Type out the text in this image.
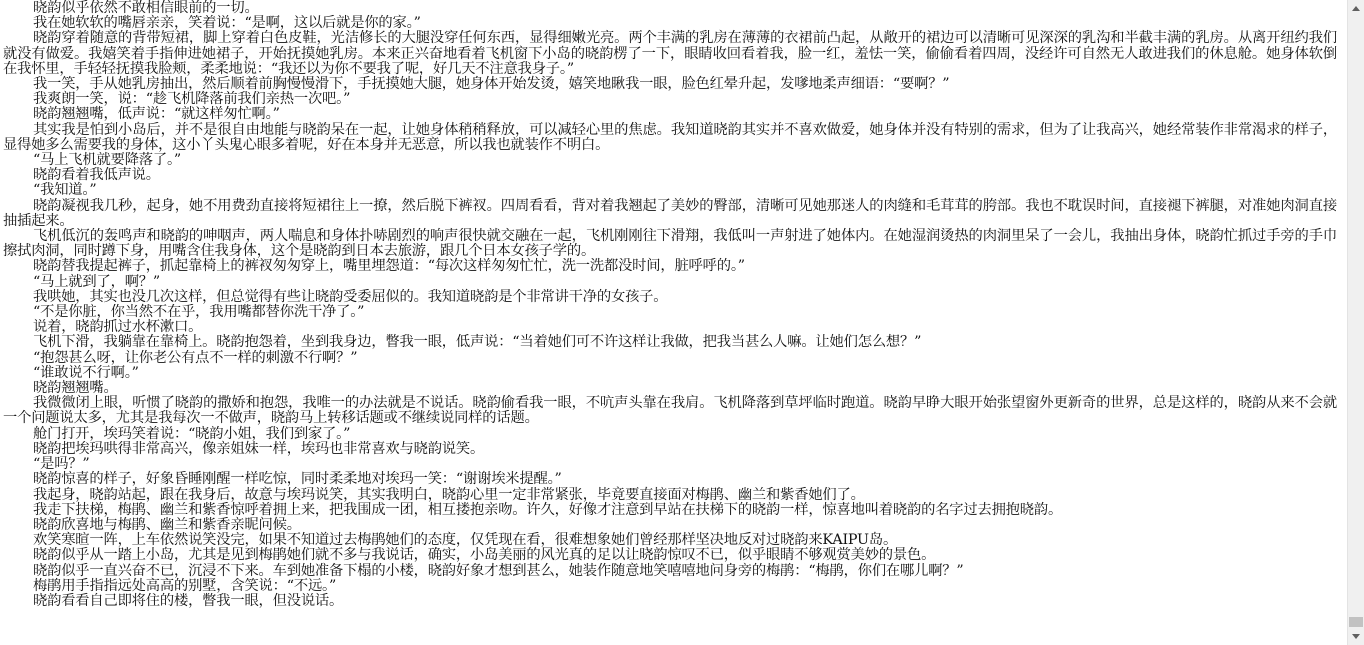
晓韵似乎依然不敢相信眼前的一切。

我在她软软的嘴唇亲亲，笑着说：“是啊，这以后就是你的家。”

晓韵穿着随意的背带短裙，脚上穿着白色皮鞋，光洁修长的大腿没穿任何东西，显得细嫩光亮。两个丰满的乳房在薄薄的衣裙前凸起，从敞开的裙边可以清晰可见深深的乳沟和半截丰满的乳房。从离开纽约我们就没有做爱。我嬉笑着手指伸进她裙子，开始抚摸她乳房。本来正兴奋地看着飞机窗下小岛的晓韵楞了一下，眼睛收回看着我，脸一红，羞怯一笑，偷偷看着四周，没经许可自然无人敢进我们的休息舱。她身体软倒在我怀里，手轻轻抚摸我脸颊，柔柔地说：“我还以为你不要我了呢，好几天不注意我身子。”

我一笑，手从她乳房抽出，然后顺着前胸慢慢滑下，手抚摸她大腿，她身体开始发烫，嬉笑地瞅我一眼，脸色红晕升起，发嗲地柔声细语：“要啊？”

我爽朗一笑，说：“趁飞机降落前我们亲热一次吧。”

晓韵翘翘嘴，低声说：“就这样匆忙啊。”

其实我是怕到小岛后，并不是很自由地能与晓韵呆在一起，让她身体稍稍释放，可以减轻心里的焦虑。我知道晓韵其实并不喜欢做爱，她身体并没有特别的需求，但为了让我高兴，她经常装作非常渴求的样子，显得她多么需要我的身体，这小丫头鬼心眼多着呢，好在本身并无恶意，所以我也就装作不明白。

“马上飞机就要降落了。”

晓韵看着我低声说。

“我知道。”

晓韵凝视我几秒，起身，她不用费劲直接将短裙往上一撩，然后脱下裤衩。四周看看，背对着我翘起了美妙的臀部，清晰可见她那迷人的肉缝和毛茸茸的胯部。我也不耽误时间，直接褪下裤腿，对准她肉洞直接抽插起来。

飞机低沉的轰鸣声和晓韵的呻咽声，两人喘息和身体扑哧剧烈的响声很快就交融在一起，飞机刚刚往下滑翔，我低叫一声射进了她体内。在她湿润烫热的肉洞里呆了一会儿，我抽出身体，晓韵忙抓过手旁的手巾擦拭肉洞，同时蹲下身，用嘴含住我身体，这个是晓韵到日本去旅游，跟几个日本女孩子学的。

晓韵替我提起裤子，抓起靠椅上的裤衩匆匆穿上，嘴里埋怨道：“每次这样匆匆忙忙，洗一洗都没时间，脏呼呼的。”

“马上就到了，啊？”

我哄她，其实也没几次这样，但总觉得有些让晓韵受委屈似的。我知道晓韵是个非常讲干净的女孩子。

“不是你脏，你当然不在乎，我用嘴都替你洗干净了。”

说着，晓韵抓过水杯漱口。

飞机下滑，我躺靠在靠椅上。晓韵抱怨着，坐到我身边，瞥我一眼，低声说：“当着她们可不许这样让我做，把我当甚么人嘛。让她们怎么想？”

“抱怨甚么呀，让你老公有点不一样的刺激不行啊？”

“谁敢说不行啊。”

晓韵翘翘嘴。

我微微闭上眼，听惯了晓韵的撒娇和抱怨，我唯一的办法就是不说话。晓韵偷看我一眼，不吭声头靠在我肩。飞机降落到草坪临时跑道。晓韵早睁大眼开始张望窗外更新奇的世界，总是这样的，晓韵从来不会就一个问题说太多，尤其是我每次一不做声，晓韵马上转移话题或不继续说同样的话题。

舱门打开，埃玛笑着说：“晓韵小姐，我们到家了。”

晓韵把埃玛哄得非常高兴，像亲姐妹一样，埃玛也非常喜欢与晓韵说笑。

“是吗？”

晓韵惊喜的样子，好象昏睡刚醒一样吃惊，同时柔柔地对埃玛一笑：“谢谢埃米提醒。”

我起身，晓韵站起，跟在我身后，故意与埃玛说笑，其实我明白，晓韵心里一定非常紧张，毕竟要直接面对梅鹃、幽兰和紫香她们了。

我走下扶梯，梅鹃、幽兰和紫香惊呼着拥上来，把我围成一团，相互搂抱亲吻。许久，好像才注意到早站在扶梯下的晓韵一样，惊喜地叫着晓韵的名字过去拥抱晓韵。

晓韵欣喜地与梅鹃、幽兰和紫香亲昵问候。

欢笑寒暄一阵，上车依然说笑没完，如果不知道过去梅鹃她们的态度，仅凭现在看，很难想象她们曾经那样坚决地反对过晓韵来KAIPU岛。

晓韵似乎从一踏上小岛，尤其是见到梅鹃她们就不多与我说话，确实，小岛美丽的风光真的足以让晓韵惊叹不已，似乎眼睛不够观赏美妙的景色。

晓韵似乎一直兴奋不已，沉浸不下来。车到她准备下榻的小楼，晓韵好象才想到甚么，她装作随意地笑嘻嘻地问身旁的梅鹃：“梅鹃，你们在哪儿啊？”

梅鹃用手指指远处高高的别墅，含笑说：“不远。”

晓韵看看自己即将住的楼，瞥我一眼，但没说话。
